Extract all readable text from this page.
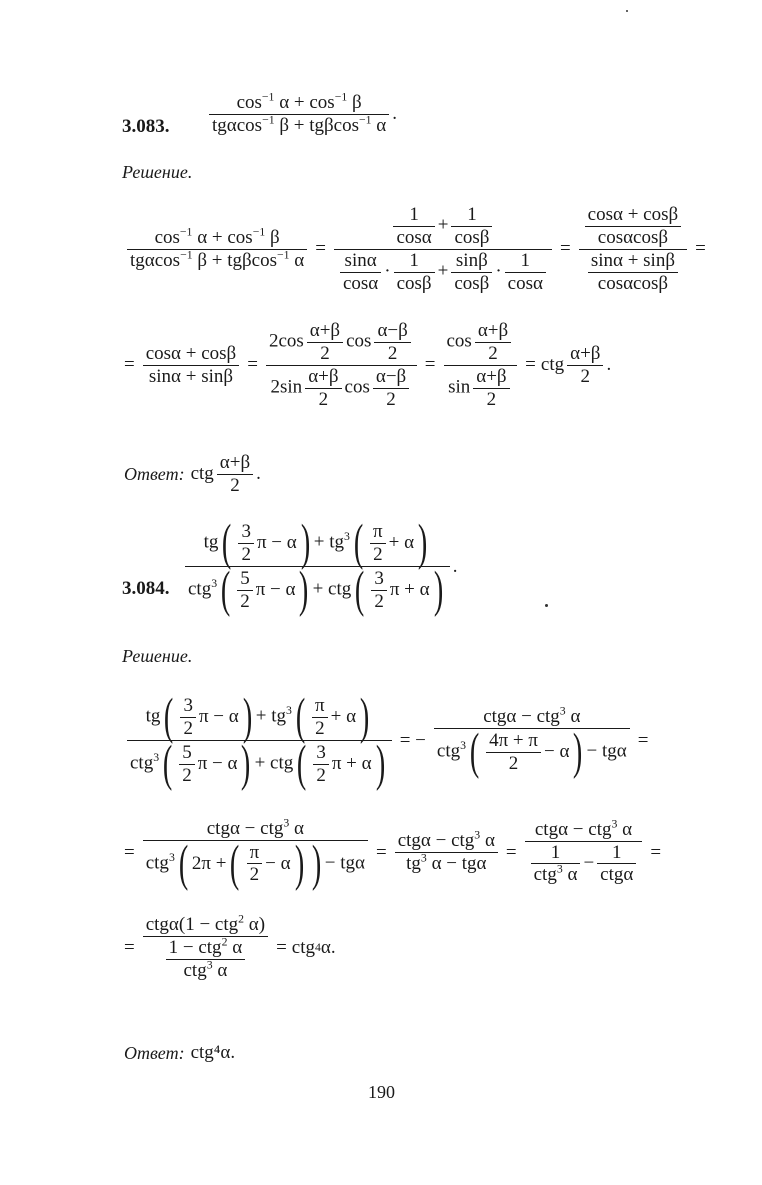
3.083.
$\cos^{-1} \alpha + \cos^{-1} \beta$
tgαcos$^{-1}$ β + tgβcos$^{-1}$ α
.
Решение.
$\cos^{-1} \alpha + \cos^{-1} \beta$
tgαcos$^{-1}$ β + tgβcos$^{-1}$ α
=	$\frac{1}{\cos\alpha} + \frac{1}{\cos\beta}$
$\frac{\sin\alpha}{\cos\alpha} \cdot \frac{1}{\cos\beta} + \frac{\sin\beta}{\cos\beta} \cdot \frac{1}{\cos\alpha}$
= $\frac{\cos\alpha + \cos\beta}{\cos\alpha\cos\beta}$
$\frac{\sin\alpha + \sin\beta}{\cos\alpha\cos\beta}$
=
=
cosα + cosβ
sinα + sinβ
=
$2\cos \frac{\alpha+\beta}{2}$ $\cos \frac{\alpha-\beta}{2}$
$2\sin \frac{\alpha+\beta}{2}$ $\cos \frac{\alpha-\beta}{2}$
=
$\cos \frac{\alpha+\beta}{2}$
$\sin \frac{\alpha+\beta}{2}$
= ctg
α+β
2
.
Ответ: ctg
α+β
2
.
3.084.
tg ( 3
2
π − α ) + $tg^3$ ( π
2
+ α )
ctg$^3$ ( 5
2
π − α ) + ctg ( 3
2
π + α ) .
Решение.
tg ( 3
2
π − α ) + $tg^3$ ( π
2
+ α )
ctg$^3$ ( 5
2
π − α ) + ctg ( 3
2
π + α ) = −
ctgα − ctg$^3$ α
ctg$^3$ ( 4π + π
2
− α ) − tgα
=
=
ctgα − ctg$^3$ α
ctg$^3$ ( 2π + ( π
2
− α ) ) − tgα
=
ctgα − ctg$^3$ α
$tg^3$ α − tgα
=
ctgα − ctg$^3$ α
1
ctg$^3$ α
−
1
ctgα
=
=
ctgα(1 − ctg$^2$ α)
1 − ctg$^2$ α
ctg$^3$ α
= ctg 4 α.
Ответ: ctg⁴α.
190
